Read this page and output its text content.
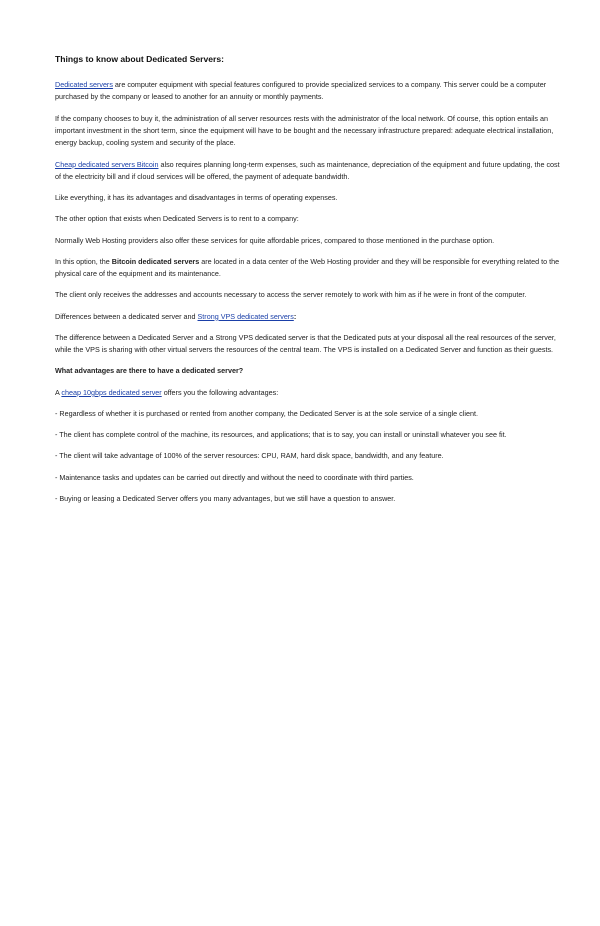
Things to know about Dedicated Servers:

Dedicated servers are computer equipment with special features configured to provide specialized services to a company. This server could be a computer purchased by the company or leased to another for an annuity or monthly payments.

If the company chooses to buy it, the administration of all server resources rests with the administrator of the local network. Of course, this option entails an important investment in the short term, since the equipment will have to be bought and the necessary infrastructure prepared: adequate electrical installation, energy backup, cooling system and security of the place.

Cheap dedicated servers Bitcoin also requires planning long-term expenses, such as maintenance, depreciation of the equipment and future updating, the cost of the electricity bill and if cloud services will be offered, the payment of adequate bandwidth.

Like everything, it has its advantages and disadvantages in terms of operating expenses.

The other option that exists when Dedicated Servers is to rent to a company:

Normally Web Hosting providers also offer these services for quite affordable prices, compared to those mentioned in the purchase option.

In this option, the Bitcoin dedicated servers are located in a data center of the Web Hosting provider and they will be responsible for everything related to the physical care of the equipment and its maintenance.

The client only receives the addresses and accounts necessary to access the server remotely to work with him as if he were in front of the computer.

Differences between a dedicated server and Strong VPS dedicated servers:

The difference between a Dedicated Server and a Strong VPS dedicated server is that the Dedicated puts at your disposal all the real resources of the server, while the VPS is sharing with other virtual servers the resources of the central team. The VPS is installed on a Dedicated Server and function as their guests.

What advantages are there to have a dedicated server?

A cheap 10gbps dedicated server offers you the following advantages:

- Regardless of whether it is purchased or rented from another company, the Dedicated Server is at the sole service of a single client.

- The client has complete control of the machine, its resources, and applications; that is to say, you can install or uninstall whatever you see fit.

- The client will take advantage of 100% of the server resources: CPU, RAM, hard disk space, bandwidth, and any feature.

- Maintenance tasks and updates can be carried out directly and without the need to coordinate with third parties.

- Buying or leasing a Dedicated Server offers you many advantages, but we still have a question to answer.
